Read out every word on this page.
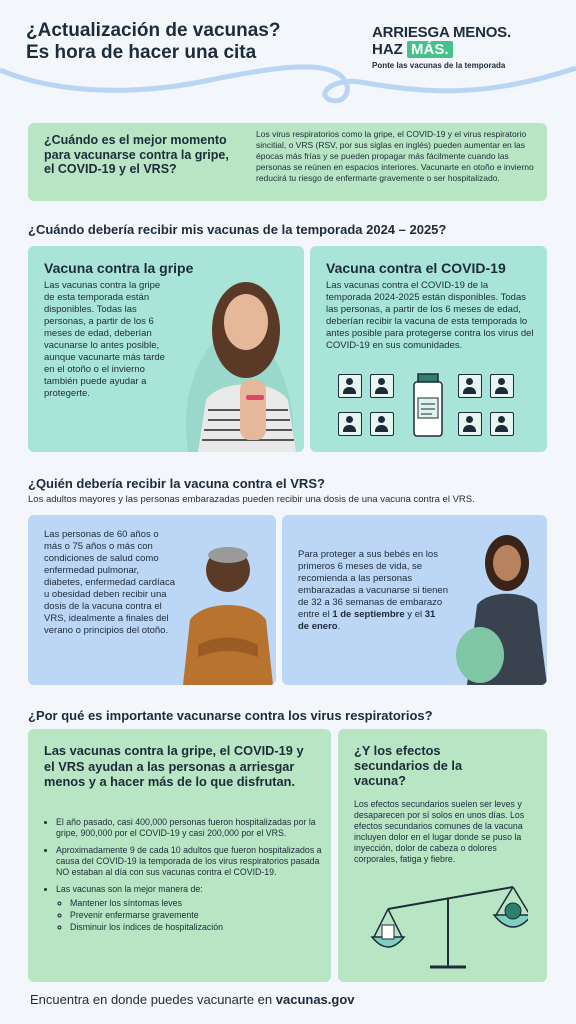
¿Actualización de vacunas?
Es hora de hacer una cita
ARRIESGA MENOS.
HAZ MÁS.
Ponte las vacunas de la temporada
¿Cuándo es el mejor momento para vacunarse contra la gripe, el COVID-19 y el VRS?
Los virus respiratorios como la gripe, el COVID-19 y el virus respiratorio sincitial, o VRS (RSV, por sus siglas en inglés) pueden aumentar en las épocas más frías y se pueden propagar más fácilmente cuando las personas se reúnen en espacios interiores. Vacunarte en otoño e invierno reducirá tu riesgo de enfermarte gravemente o ser hospitalizado.
¿Cuándo debería recibir mis vacunas de la temporada 2024 – 2025?
Vacuna contra la gripe
Las vacunas contra la gripe de esta temporada están disponibles. Todas las personas, a partir de los 6 meses de edad, deberían vacunarse lo antes posible, aunque vacunarte más tarde en el otoño o el invierno también puede ayudar a protegerte.
Vacuna contra el COVID-19
Las vacunas contra el COVID-19 de la temporada 2024-2025 están disponibles. Todas las personas, a partir de los 6 meses de edad, deberían recibir la vacuna de esta temporada lo antes posible para protegerse contra los virus del COVID-19 en sus comunidades.
¿Quién debería recibir la vacuna contra el VRS?
Los adultos mayores y las personas embarazadas pueden recibir una dosis de una vacuna contra el VRS.
Las personas de 60 años o más o 75 años o más con condiciones de salud como enfermedad pulmonar, diabetes, enfermedad cardíaca u obesidad deben recibir una dosis de la vacuna contra el VRS, idealmente a finales del verano o principios del otoño.
Para proteger a sus bebés en los primeros 6 meses de vida, se recomienda a las personas embarazadas a vacunarse si tienen de 32 a 36 semanas de embarazo entre el 1 de septiembre y el 31 de enero.
¿Por qué es importante vacunarse contra los virus respiratorios?
Las vacunas contra la gripe, el COVID-19 y el VRS ayudan a las personas a arriesgar menos y a hacer más de lo que disfrutan.
• El año pasado, casi 400,000 personas fueron hospitalizadas por la gripe, 900,000 por el COVID-19 y casi 200,000 por el VRS.
• Aproximadamente 9 de cada 10 adultos que fueron hospitalizados a causa del COVID-19 la temporada de los virus respiratorios pasada NO estaban al día con sus vacunas contra el COVID-19.
• Las vacunas son la mejor manera de:
◦ Mantener los síntomas leves
◦ Prevenir enfermarse gravemente
◦ Disminuir los índices de hospitalización
¿Y los efectos secundarios de la vacuna?
Los efectos secundarios suelen ser leves y desaparecen por sí solos en unos días. Los efectos secundarios comunes de la vacuna incluyen dolor en el lugar donde se puso la inyección, dolor de cabeza o dolores corporales, fatiga y fiebre.
Encuentra en donde puedes vacunarte en vacunas.gov
